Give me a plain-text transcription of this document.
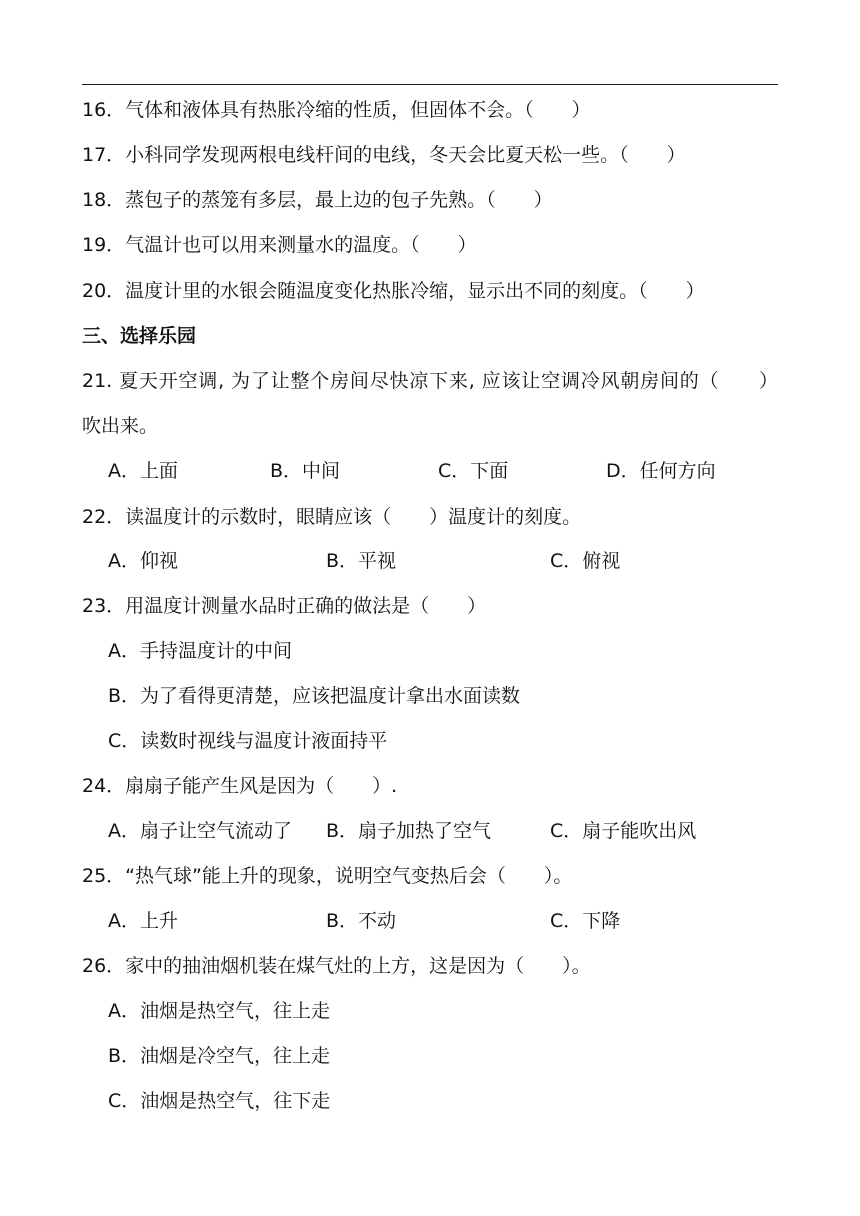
16．气体和液体具有热胀冷缩的性质，但固体不会。（　　）
17．小科同学发现两根电线杆间的电线，冬天会比夏天松一些。（　　）
18．蒸包子的蒸笼有多层，最上边的包子先熟。（　　）
19．气温计也可以用来测量水的温度。（　　）
20．温度计里的水银会随温度变化热胀冷缩，显示出不同的刻度。（　　）
三、选择乐园
21. 夏天开空调, 为了让整个房间尽快凉下来, 应该让空调冷风朝房间的（　　）
吹出来。
A．上面	B．中间	C．下面	D．任何方向
22．读温度计的示数时，眼睛应该（　　）温度计的刻度。
A．仰视	B．平视	C．俯视
23．用温度计测量水品时正确的做法是（　　）
A．手持温度计的中间
B．为了看得更清楚，应该把温度计拿出水面读数
C．读数时视线与温度计液面持平
24．扇扇子能产生风是因为（　　）.
A．扇子让空气流动了 B．扇子加热了空气	C．扇子能吹出风
25．“热气球”能上升的现象，说明空气变热后会（　　）。
A．上升	B．不动	C．下降
26．家中的抽油烟机装在煤气灶的上方，这是因为（　　）。
A．油烟是热空气，往上走
B．油烟是冷空气，往上走
C．油烟是热空气，往下走
